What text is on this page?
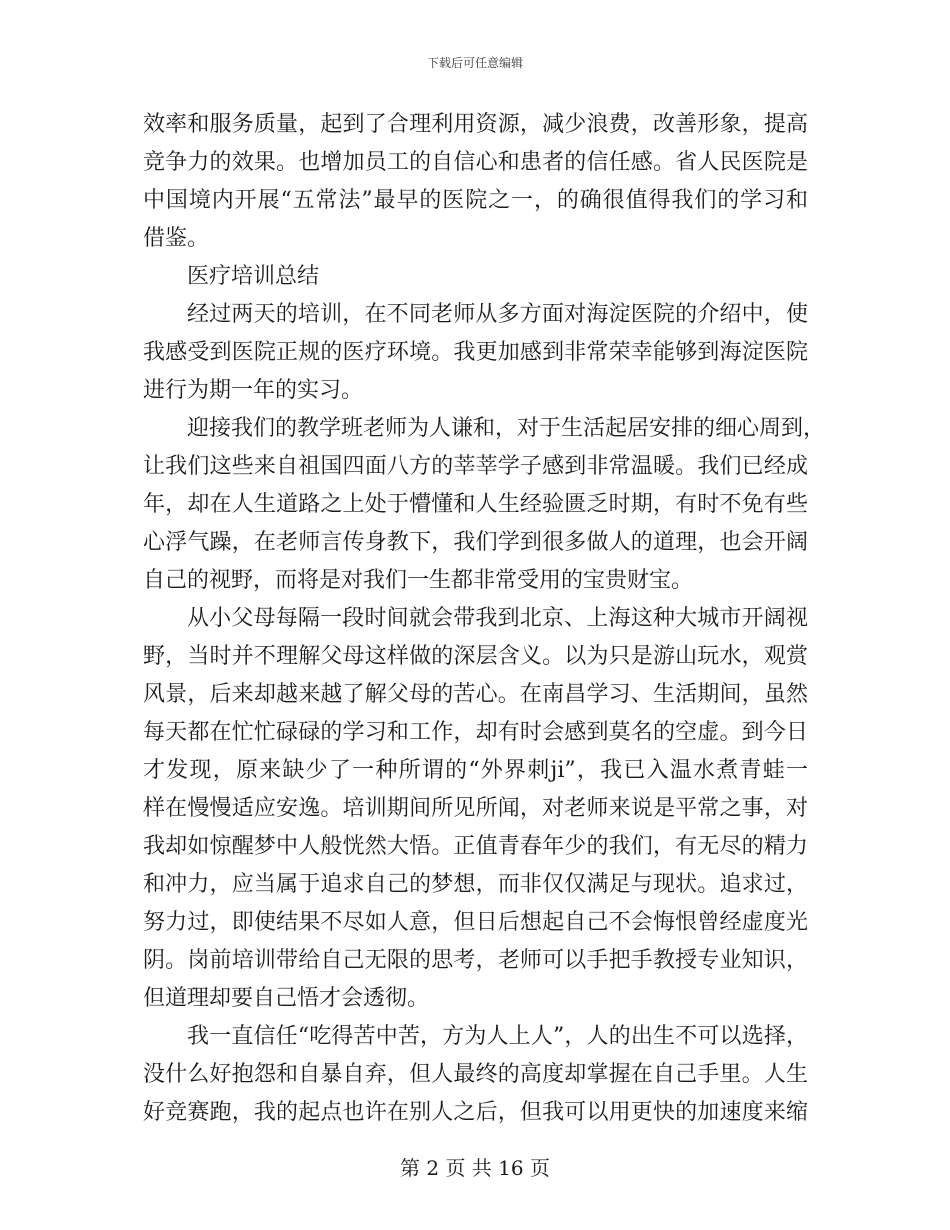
下载后可任意编辑
效率和服务质量，起到了合理利用资源，减少浪费，改善形象，提高
竞争力的效果。也增加员工的自信心和患者的信任感。省人民医院是
中国境内开展“五常法”最早的医院之一，的确很值得我们的学习和
借鉴。
医疗培训总结
经过两天的培训，在不同老师从多方面对海淀医院的介绍中，使
我感受到医院正规的医疗环境。我更加感到非常荣幸能够到海淀医院
进行为期一年的实习。
迎接我们的教学班老师为人谦和，对于生活起居安排的细心周到，
让我们这些来自祖国四面八方的莘莘学子感到非常温暖。我们已经成
年，却在人生道路之上处于懵懂和人生经验匮乏时期，有时不免有些
心浮气躁，在老师言传身教下，我们学到很多做人的道理，也会开阔
自己的视野，而将是对我们一生都非常受用的宝贵财宝。
从小父母每隔一段时间就会带我到北京、上海这种大城市开阔视
野，当时并不理解父母这样做的深层含义。以为只是游山玩水，观赏
风景，后来却越来越了解父母的苦心。在南昌学习、生活期间，虽然
每天都在忙忙碌碌的学习和工作，却有时会感到莫名的空虚。到今日
才发现，原来缺少了一种所谓的“外界刺ji”，我已入温水煮青蛙一
样在慢慢适应安逸。培训期间所见所闻，对老师来说是平常之事，对
我却如惊醒梦中人般恍然大悟。正值青春年少的我们，有无尽的精力
和冲力，应当属于追求自己的梦想，而非仅仅满足与现状。追求过，
努力过，即使结果不尽如人意，但日后想起自己不会悔恨曾经虚度光
阴。岗前培训带给自己无限的思考，老师可以手把手教授专业知识，
但道理却要自己悟才会透彻。
我一直信任“吃得苦中苦，方为人上人”，人的出生不可以选择，
没什么好抱怨和自暴自弃，但人最终的高度却掌握在自己手里。人生
好竞赛跑，我的起点也许在别人之后，但我可以用更快的加速度来缩
第 2 页 共 16 页
